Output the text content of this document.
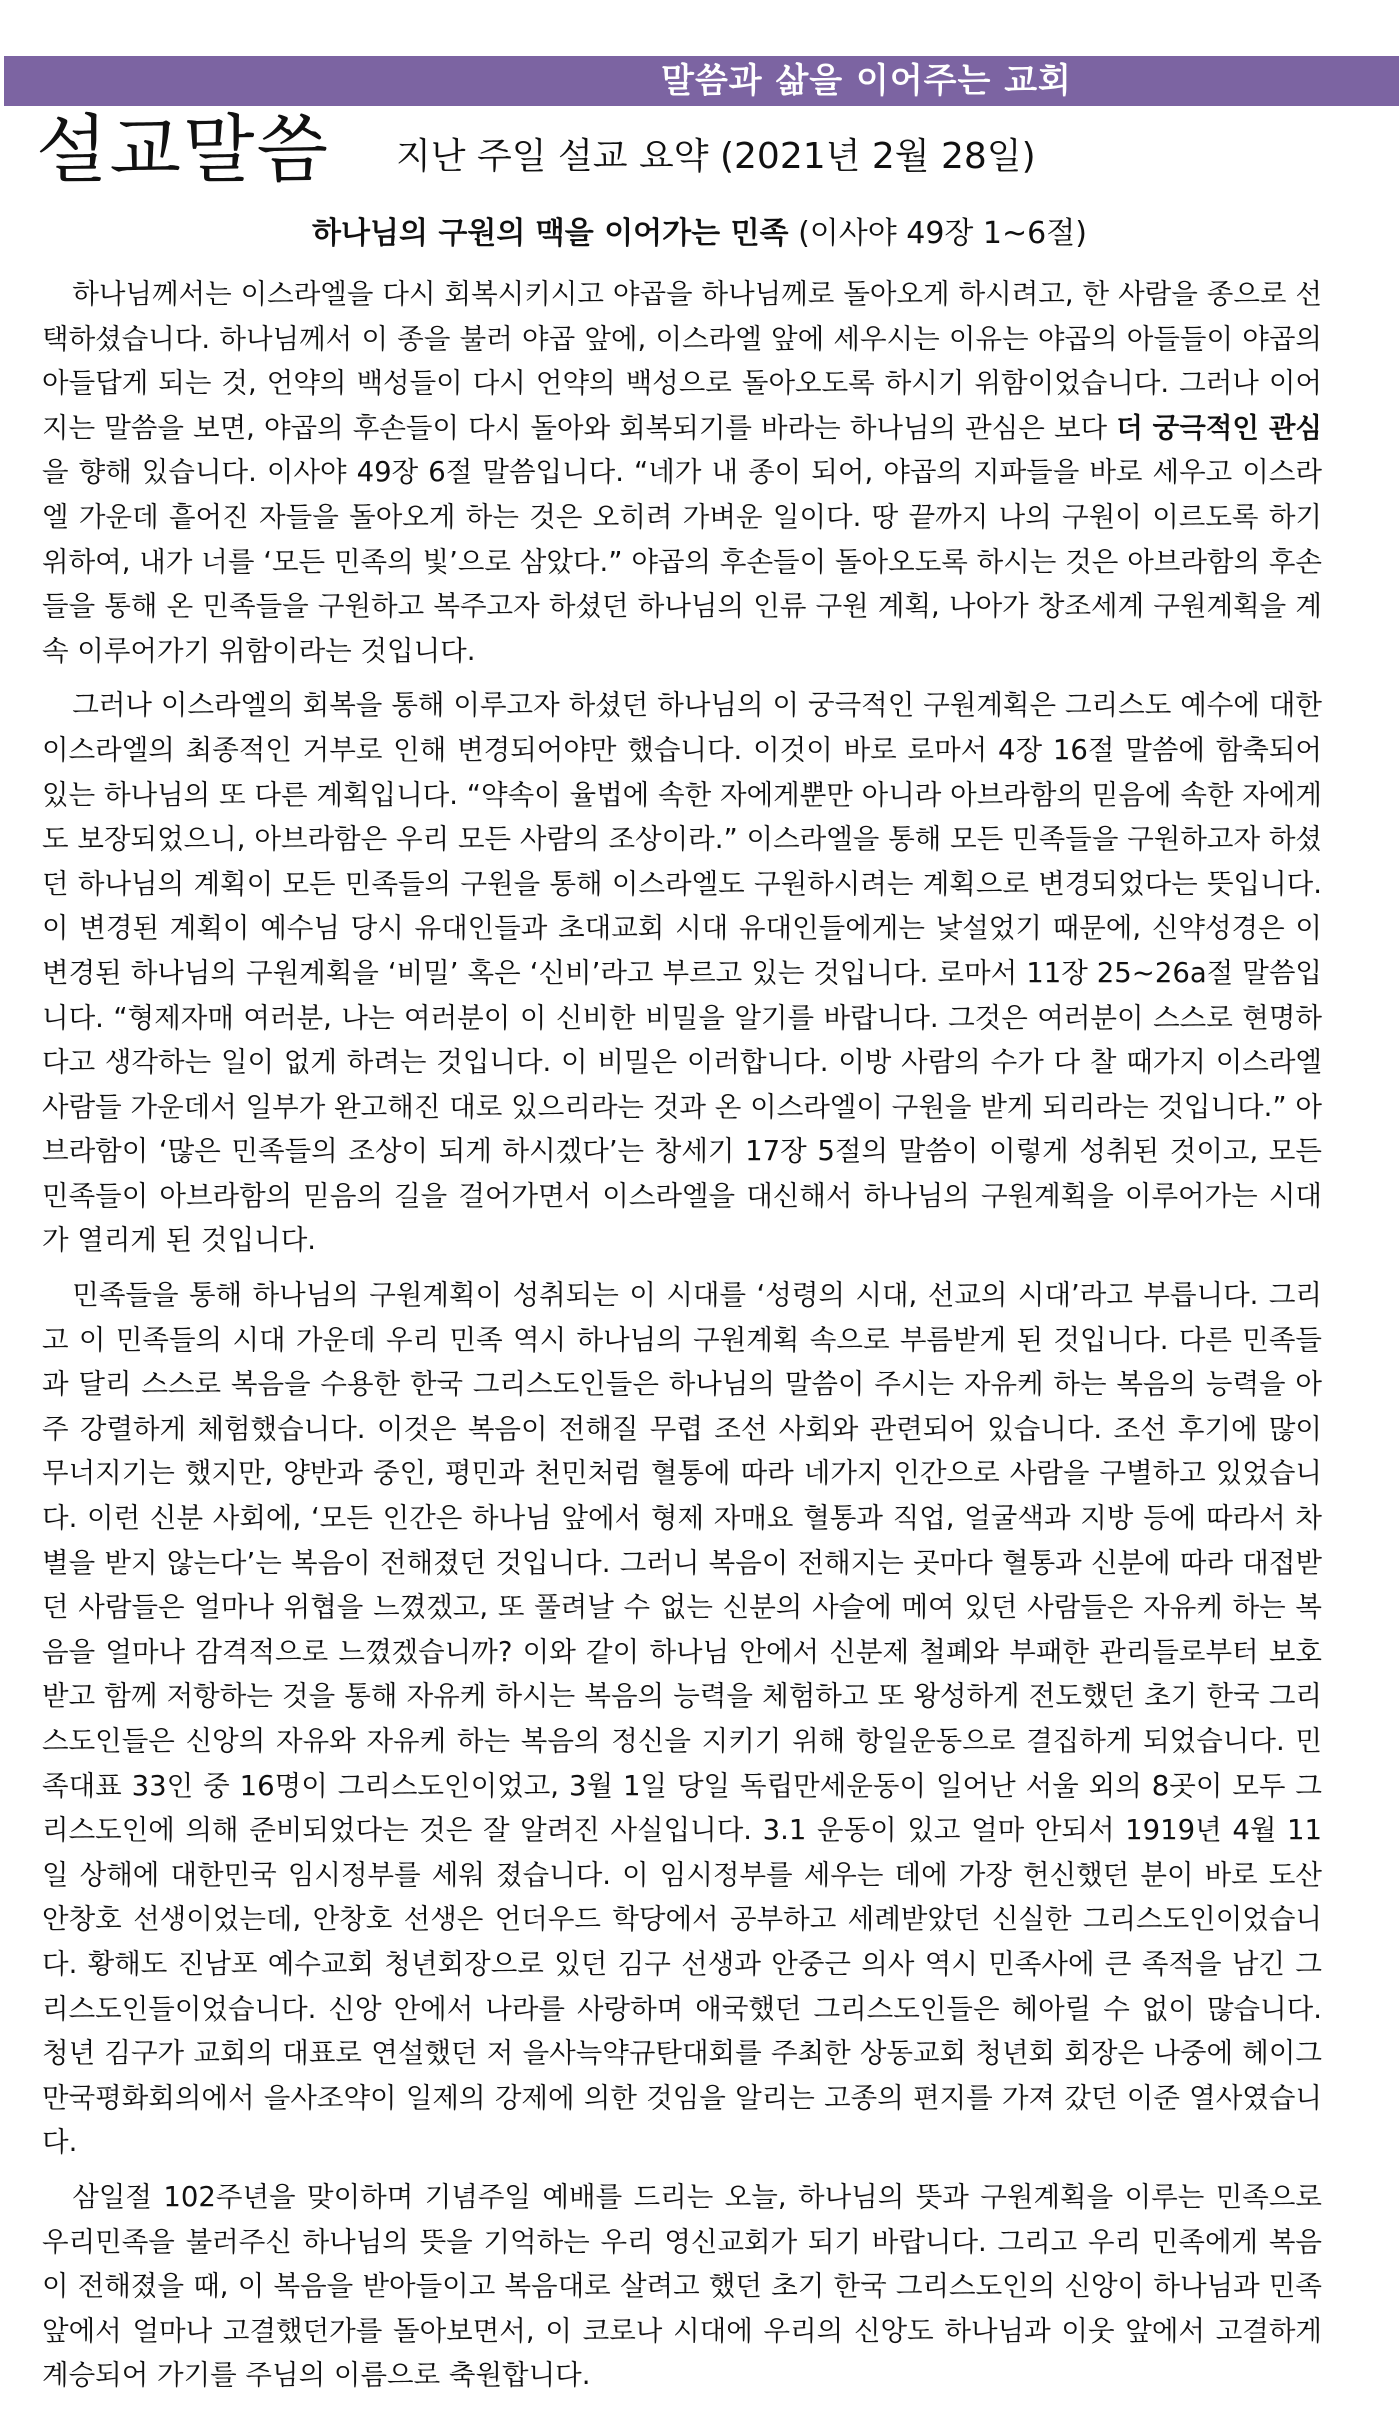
말씀과 삶을 이어주는 교회
설교말씀 지난 주일 설교 요약 (2021년 2월 28일)
하나님의 구원의 맥을 이어가는 민족 (이사야 49장 1~6절)

하나님께서는 이스라엘을 다시 회복시키시고 야곱을 하나님께로 돌아오게 하시려고, 한 사람을 종으로 선택하셨습니다. 하나님께서 이 종을 불러 야곱 앞에, 이스라엘 앞에 세우시는 이유는 야곱의 아들들이 야곱의 아들답게 되는 것, 언약의 백성들이 다시 언약의 백성으로 돌아오도록 하시기 위함이었습니다. 그러나 이어지는 말씀을 보면, 야곱의 후손들이 다시 돌아와 회복되기를 바라는 하나님의 관심은 보다 더 궁극적인 관심을 향해 있습니다. 이사야 49장 6절 말씀입니다. “네가 내 종이 되어, 야곱의 지파들을 바로 세우고 이스라엘 가운데 흩어진 자들을 돌아오게 하는 것은 오히려 가벼운 일이다. 땅 끝까지 나의 구원이 이르도록 하기 위하여, 내가 너를 ‘모든 민족의 빛’으로 삼았다.” 야곱의 후손들이 돌아오도록 하시는 것은 아브라함의 후손들을 통해 온 민족들을 구원하고 복주고자 하셨던 하나님의 인류 구원 계획, 나아가 창조세계 구원계획을 계속 이루어가기 위함이라는 것입니다.

그러나 이스라엘의 회복을 통해 이루고자 하셨던 하나님의 이 궁극적인 구원계획은 그리스도 예수에 대한 이스라엘의 최종적인 거부로 인해 변경되어야만 했습니다. 이것이 바로 로마서 4장 16절 말씀에 함축되어 있는 하나님의 또 다른 계획입니다. “약속이 율법에 속한 자에게뿐만 아니라 아브라함의 믿음에 속한 자에게도 보장되었으니, 아브라함은 우리 모든 사람의 조상이라.” 이스라엘을 통해 모든 민족들을 구원하고자 하셨던 하나님의 계획이 모든 민족들의 구원을 통해 이스라엘도 구원하시려는 계획으로 변경되었다는 뜻입니다. 이 변경된 계획이 예수님 당시 유대인들과 초대교회 시대 유대인들에게는 낯설었기 때문에, 신약성경은 이 변경된 하나님의 구원계획을 ‘비밀’ 혹은 ‘신비’라고 부르고 있는 것입니다. 로마서 11장 25~26a절 말씀입니다. “형제자매 여러분, 나는 여러분이 이 신비한 비밀을 알기를 바랍니다. 그것은 여러분이 스스로 현명하다고 생각하는 일이 없게 하려는 것입니다. 이 비밀은 이러합니다. 이방 사람의 수가 다 찰 때가지 이스라엘 사람들 가운데서 일부가 완고해진 대로 있으리라는 것과 온 이스라엘이 구원을 받게 되리라는 것입니다.” 아브라함이 ‘많은 민족들의 조상이 되게 하시겠다’는 창세기 17장 5절의 말씀이 이렇게 성취된 것이고, 모든 민족들이 아브라함의 믿음의 길을 걸어가면서 이스라엘을 대신해서 하나님의 구원계획을 이루어가는 시대가 열리게 된 것입니다.

민족들을 통해 하나님의 구원계획이 성취되는 이 시대를 ‘성령의 시대, 선교의 시대’라고 부릅니다. 그리고 이 민족들의 시대 가운데 우리 민족 역시 하나님의 구원계획 속으로 부름받게 된 것입니다. 다른 민족들과 달리 스스로 복음을 수용한 한국 그리스도인들은 하나님의 말씀이 주시는 자유케 하는 복음의 능력을 아주 강렬하게 체험했습니다. 이것은 복음이 전해질 무렵 조선 사회와 관련되어 있습니다. 조선 후기에 많이 무너지기는 했지만, 양반과 중인, 평민과 천민처럼 혈통에 따라 네가지 인간으로 사람을 구별하고 있었습니다. 이런 신분 사회에, ‘모든 인간은 하나님 앞에서 형제 자매요 혈통과 직업, 얼굴색과 지방 등에 따라서 차별을 받지 않는다’는 복음이 전해졌던 것입니다. 그러니 복음이 전해지는 곳마다 혈통과 신분에 따라 대접받던 사람들은 얼마나 위협을 느꼈겠고, 또 풀려날 수 없는 신분의 사슬에 메여 있던 사람들은 자유케 하는 복음을 얼마나 감격적으로 느꼈겠습니까? 이와 같이 하나님 안에서 신분제 철폐와 부패한 관리들로부터 보호받고 함께 저항하는 것을 통해 자유케 하시는 복음의 능력을 체험하고 또 왕성하게 전도했던 초기 한국 그리스도인들은 신앙의 자유와 자유케 하는 복음의 정신을 지키기 위해 항일운동으로 결집하게 되었습니다. 민족대표 33인 중 16명이 그리스도인이었고, 3월 1일 당일 독립만세운동이 일어난 서울 외의 8곳이 모두 그리스도인에 의해 준비되었다는 것은 잘 알려진 사실입니다. 3.1 운동이 있고 얼마 안되서 1919년 4월 11일 상해에 대한민국 임시정부를 세워 졌습니다. 이 임시정부를 세우는 데에 가장 헌신했던 분이 바로 도산 안창호 선생이었는데, 안창호 선생은 언더우드 학당에서 공부하고 세례받았던 신실한 그리스도인이었습니다. 황해도 진남포 예수교회 청년회장으로 있던 김구 선생과 안중근 의사 역시 민족사에 큰 족적을 남긴 그리스도인들이었습니다. 신앙 안에서 나라를 사랑하며 애국했던 그리스도인들은 헤아릴 수 없이 많습니다. 청년 김구가 교회의 대표로 연설했던 저 을사늑약규탄대회를 주최한 상동교회 청년회 회장은 나중에 헤이그 만국평화회의에서 을사조약이 일제의 강제에 의한 것임을 알리는 고종의 편지를 가져 갔던 이준 열사였습니다.

삼일절 102주년을 맞이하며 기념주일 예배를 드리는 오늘, 하나님의 뜻과 구원계획을 이루는 민족으로 우리민족을 불러주신 하나님의 뜻을 기억하는 우리 영신교회가 되기 바랍니다. 그리고 우리 민족에게 복음이 전해졌을 때, 이 복음을 받아들이고 복음대로 살려고 했던 초기 한국 그리스도인의 신앙이 하나님과 민족 앞에서 얼마나 고결했던가를 돌아보면서, 이 코로나 시대에 우리의 신앙도 하나님과 이웃 앞에서 고결하게 계승되어 가기를 주님의 이름으로 축원합니다.
